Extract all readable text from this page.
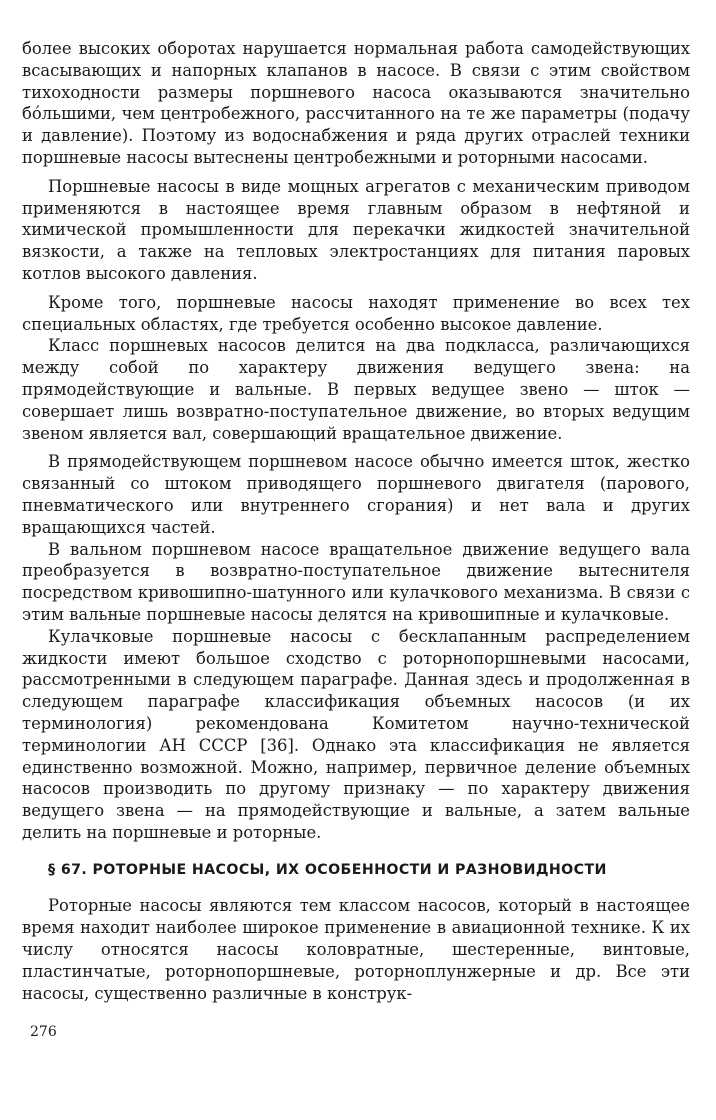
более высоких оборотах нарушается нормальная работа самодействующих всасывающих и напорных клапанов в насосе. В связи с этим свойством тихоходности размеры поршневого насоса оказываются значительно бо́льшими, чем центробежного, рассчитанного на те же параметры (подачу и давление). Поэтому из водоснабжения и ряда других отраслей техники поршневые насосы вытеснены центробежными и роторными насосами.

Поршневые насосы в виде мощных агрегатов с механическим приводом применяются в настоящее время главным образом в нефтяной и химической промышленности для перекачки жидкостей значительной вязкости, а также на тепловых электростанциях для питания паровых котлов высокого давления.

Кроме того, поршневые насосы находят применение во всех тех специальных областях, где требуется особенно высокое давление.

Класс поршневых насосов делится на два подкласса, различающихся между собой по характеру движения ведущего звена: на прямодействующие и вальные. В первых ведущее звено — шток — совершает лишь возвратно-поступательное движение, во вторых ведущим звеном является вал, совершающий вращательное движение.

В прямодействующем поршневом насосе обычно имеется шток, жестко связанный со штоком приводящего поршневого двигателя (парового, пневматического или внутреннего сгорания) и нет вала и других вращающихся частей.

В вальном поршневом насосе вращательное движение ведущего вала преобразуется в возвратно-поступательное движение вытеснителя посредством кривошипно-шатунного или кулачкового механизма. В связи с этим вальные поршневые насосы делятся на кривошипные и кулачковые.

Кулачковые поршневые насосы с бесклапанным распределением жидкости имеют большое сходство с роторнопоршневыми насосами, рассмотренными в следующем параграфе. Данная здесь и продолженная в следующем параграфе классификация объемных насосов (и их терминология) рекомендована Комитетом научно-технической терминологии АН СССР [36]. Однако эта классификация не является единственно возможной. Можно, например, первичное деление объемных насосов производить по другому признаку — по характеру движения ведущего звена — на прямодействующие и вальные, а затем вальные делить на поршневые и роторные.

§ 67. РОТОРНЫЕ НАСОСЫ, ИХ ОСОБЕННОСТИ И РАЗНОВИДНОСТИ

Роторные насосы являются тем классом насосов, который в настоящее время находит наиболее широкое применение в авиационной технике. К их числу относятся насосы коловратные, шестеренные, винтовые, пластинчатые, роторнопоршневые, роторноплунжерные и др. Все эти насосы, существенно различные в конструк-

276
